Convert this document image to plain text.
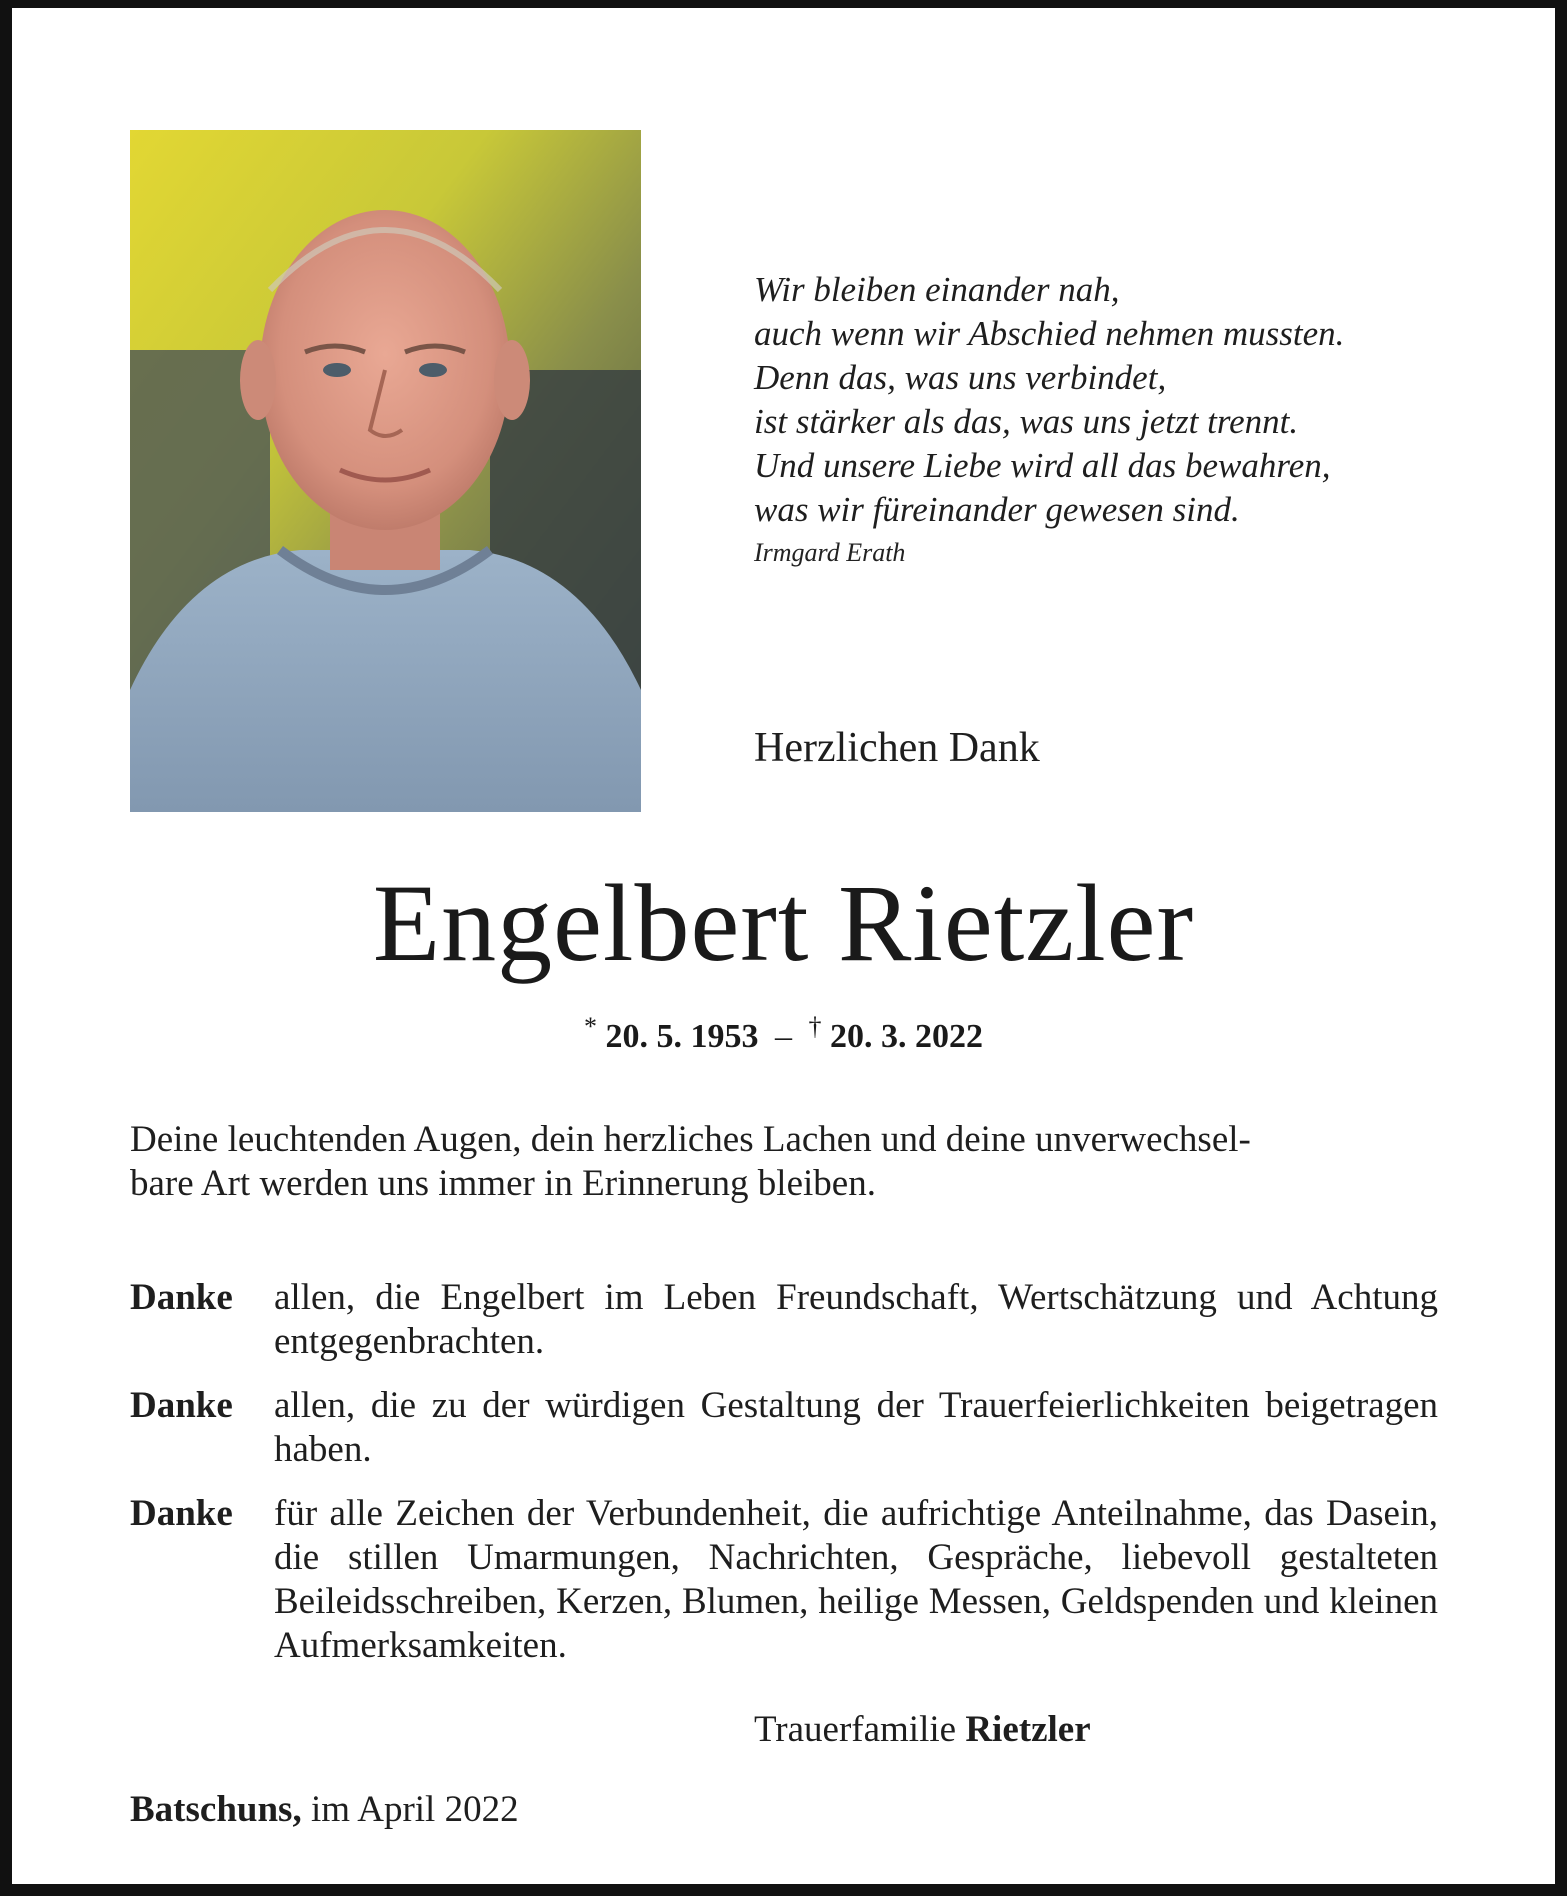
Wir bleiben einander nah,
auch wenn wir Abschied nehmen mussten.
Denn das, was uns verbindet,
ist stärker als das, was uns jetzt trennt.
Und unsere Liebe wird all das bewahren,
was wir füreinander gewesen sind.
Irmgard Erath
Herzlichen Dank
Engelbert Rietzler
* 20. 5. 1953 – † 20. 3. 2022
Deine leuchtenden Augen, dein herzliches Lachen und deine unverwechsel-
bare Art werden uns immer in Erinnerung bleiben.
Danke allen, die Engelbert im Leben Freundschaft, Wertschätzung und Achtung entgegenbrachten.
Danke allen, die zu der würdigen Gestaltung der Trauerfeierlichkeiten beigetragen haben.
Danke für alle Zeichen der Verbundenheit, die aufrichtige Anteilnahme, das Dasein, die stillen Umarmungen, Nachrichten, Gespräche, liebevoll gestalteten Beileidsschreiben, Kerzen, Blumen, heilige Messen, Geldspenden und kleinen Aufmerksamkeiten.
Trauerfamilie Rietzler
Batschuns, im April 2022
